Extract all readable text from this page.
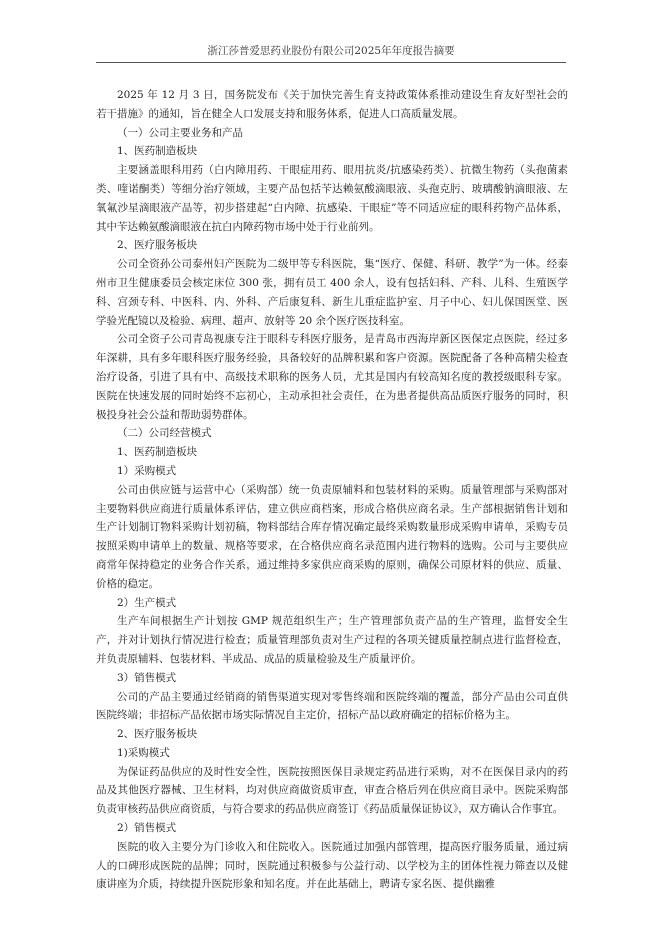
浙江莎普爱思药业股份有限公司2025年年度报告摘要

2025 年 12 月 3 日，国务院发布《关于加快完善生育支持政策体系推动建设生育友好型社会的若干措施》的通知，旨在健全人口发展支持和服务体系，促进人口高质量发展。

（一）公司主要业务和产品

1、医药制造板块

主要涵盖眼科用药（白内障用药、干眼症用药、眼用抗炎/抗感染药类）、抗微生物药（头孢菌素类、喹诺酮类）等细分治疗领域，主要产品包括苄达赖氨酸滴眼液、头孢克肟、玻璃酸钠滴眼液、左氧氟沙星滴眼液产品等，初步搭建起“白内障、抗感染、干眼症”等不同适应症的眼科药物产品体系，其中苄达赖氨酸滴眼液在抗白内障药物市场中处于行业前列。

2、医疗服务板块

公司全资孙公司泰州妇产医院为二级甲等专科医院，集“医疗、保健、科研、教学”为一体。经泰州市卫生健康委员会核定床位 300 张，拥有员工 400 余人，设有包括妇科、产科、儿科、生殖医学科、宫颈专科、中医科、内、外科、产后康复科、新生儿重症监护室、月子中心、妇儿保国医堂、医学验光配镜以及检验、病理、超声、放射等 20 余个医疗医技科室。

公司全资子公司青岛视康专注于眼科专科医疗服务，是青岛市西海岸新区医保定点医院，经过多年深耕，具有多年眼科医疗服务经验，具备较好的品牌积累和客户资源。医院配备了各种高精尖检查治疗设备，引进了具有中、高级技术职称的医务人员，尤其是国内有较高知名度的教授级眼科专家。医院在快速发展的同时始终不忘初心，主动承担社会责任，在为患者提供高品质医疗服务的同时，积极投身社会公益和帮助弱势群体。

（二）公司经营模式

1、医药制造板块

1）采购模式

公司由供应链与运营中心（采购部）统一负责原辅料和包装材料的采购。质量管理部与采购部对主要物料供应商进行质量体系评估，建立供应商档案，形成合格供应商名录。生产部根据销售计划和生产计划制订物料采购计划初稿，物料部结合库存情况确定最终采购数量形成采购申请单，采购专员按照采购申请单上的数量、规格等要求，在合格供应商名录范围内进行物料的选购。公司与主要供应商常年保持稳定的业务合作关系，通过维持多家供应商采购的原则，确保公司原材料的供应、质量、价格的稳定。

2）生产模式

生产车间根据生产计划按 GMP 规范组织生产；生产管理部负责产品的生产管理，监督安全生产，并对计划执行情况进行检查；质量管理部负责对生产过程的各项关键质量控制点进行监督检查，并负责原辅料、包装材料、半成品、成品的质量检验及生产质量评价。

3）销售模式

公司的产品主要通过经销商的销售渠道实现对零售终端和医院终端的覆盖，部分产品由公司直供医院终端；非招标产品依据市场实际情况自主定价，招标产品以政府确定的招标价格为主。

2、医疗服务板块

1)采购模式

为保证药品供应的及时性安全性，医院按照医保目录规定药品进行采购，对不在医保目录内的药品及其他医疗器械、卫生材料，均对供应商做资质审查，审查合格后列在供应商目录中。医院采购部负责审核药品供应商资质，与符合要求的药品供应商签订《药品质量保证协议》，双方确认合作事宜。

2）销售模式

医院的收入主要分为门诊收入和住院收入。医院通过加强内部管理，提高医疗服务质量，通过病人的口碑形成医院的品牌；同时，医院通过积极参与公益行动、以学校为主的团体性视力筛查以及健康讲座为介质，持续提升医院形象和知名度。并在此基础上，聘请专家名医、提供幽雅
